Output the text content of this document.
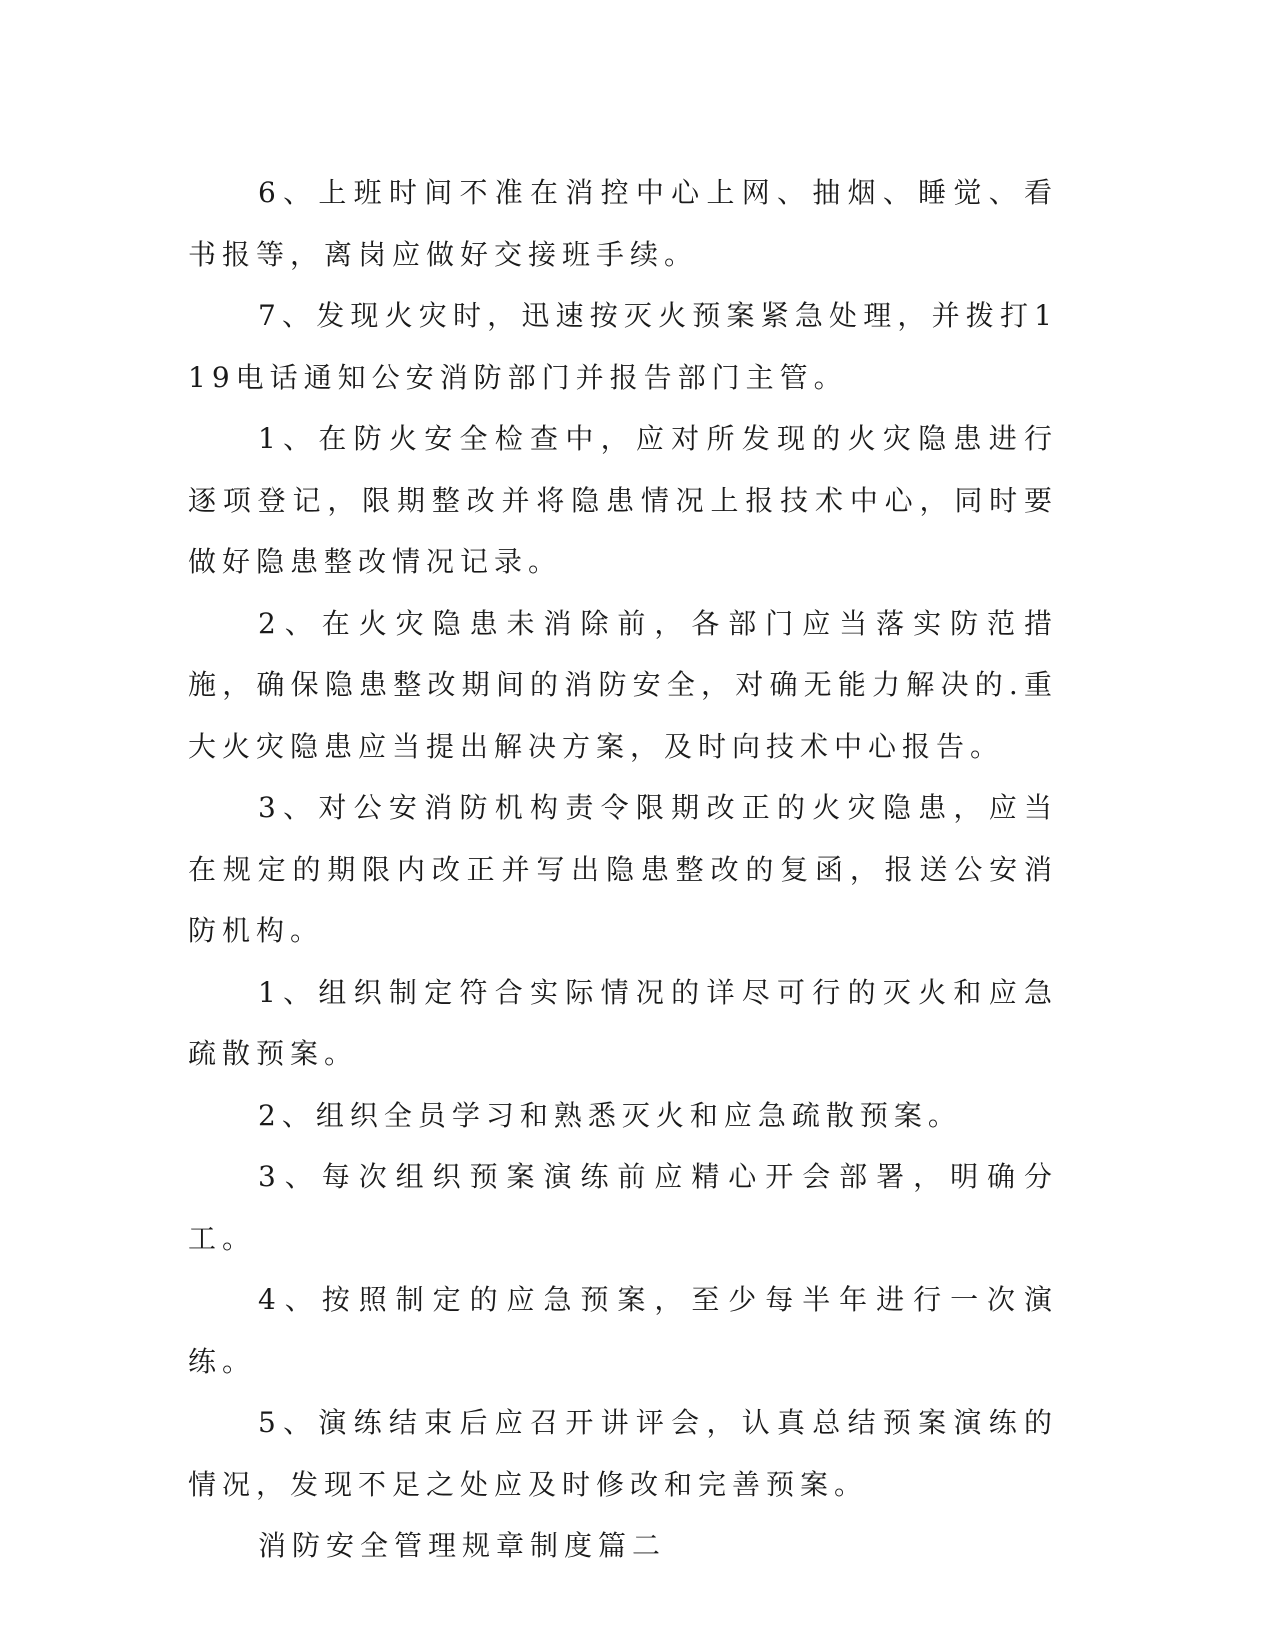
6、上班时间不准在消控中心上网、抽烟、睡觉、看书报等，离岗应做好交接班手续。

7、发现火灾时，迅速按灭火预案紧急处理，并拨打119电话通知公安消防部门并报告部门主管。

1、在防火安全检查中，应对所发现的火灾隐患进行逐项登记，限期整改并将隐患情况上报技术中心，同时要做好隐患整改情况记录。

2、在火灾隐患未消除前，各部门应当落实防范措施，确保隐患整改期间的消防安全，对确无能力解决的.重大火灾隐患应当提出解决方案，及时向技术中心报告。

3、对公安消防机构责令限期改正的火灾隐患，应当在规定的期限内改正并写出隐患整改的复函，报送公安消防机构。

1、组织制定符合实际情况的详尽可行的灭火和应急疏散预案。

2、组织全员学习和熟悉灭火和应急疏散预案。

3、每次组织预案演练前应精心开会部署，明确分工。

4、按照制定的应急预案，至少每半年进行一次演练。

5、演练结束后应召开讲评会，认真总结预案演练的情况，发现不足之处应及时修改和完善预案。

消防安全管理规章制度篇二
